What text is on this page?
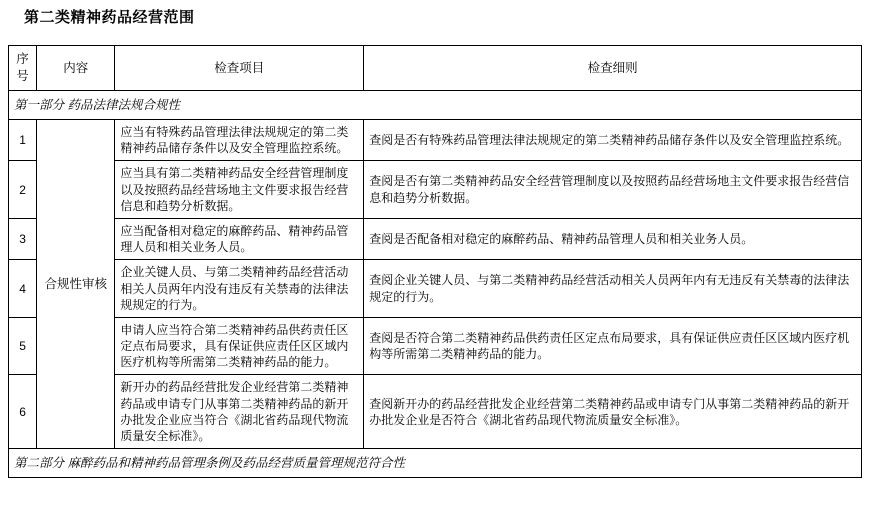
第二类精神药品经营范围
序号	内容	检查项目	检查细则
第一部分 药品法律法规合规性			
1	合规性审核	应当有特殊药品管理法律法规规定的第二类精神药品储存条件以及安全管理监控系统。	查阅是否有特殊药品管理法律法规规定的第二类精神药品储存条件以及安全管理监控系统。
2		应当具有第二类精神药品安全经营管理制度以及按照药品经营场地主文件要求报告经营信息和趋势分析数据。	查阅是否有第二类精神药品安全经营管理制度以及按照药品经营场地主文件要求报告经营信息和趋势分析数据。
3		应当配备相对稳定的麻醉药品、精神药品管理人员和相关业务人员。	查阅是否配备相对稳定的麻醉药品、精神药品管理人员和相关业务人员。
4		企业关键人员、与第二类精神药品经营活动相关人员两年内没有违反有关禁毒的法律法规规定的行为。	查阅企业关键人员、与第二类精神药品经营活动相关人员两年内有无违反有关禁毒的法律法规定的行为。
5		申请人应当符合第二类精神药品供药责任区定点布局要求，具有保证供应责任区区域内医疗机构等所需第二类精神药品的能力。	查阅是否符合第二类精神药品供药责任区定点布局要求，具有保证供应责任区区域内医疗机构等所需第二类精神药品的能力。
6		新开办的药品经营批发企业经营第二类精神药品或申请专门从事第二类精神药品的新开办批发企业应当符合《湖北省药品现代物流质量安全标准》。	查阅新开办的药品经营批发企业经营第二类精神药品或申请专门从事第二类精神药品的新开办批发企业是否符合《湖北省药品现代物流质量安全标准》。
第二部分 麻醉药品和精神药品管理条例及药品经营质量管理规范符合性			
